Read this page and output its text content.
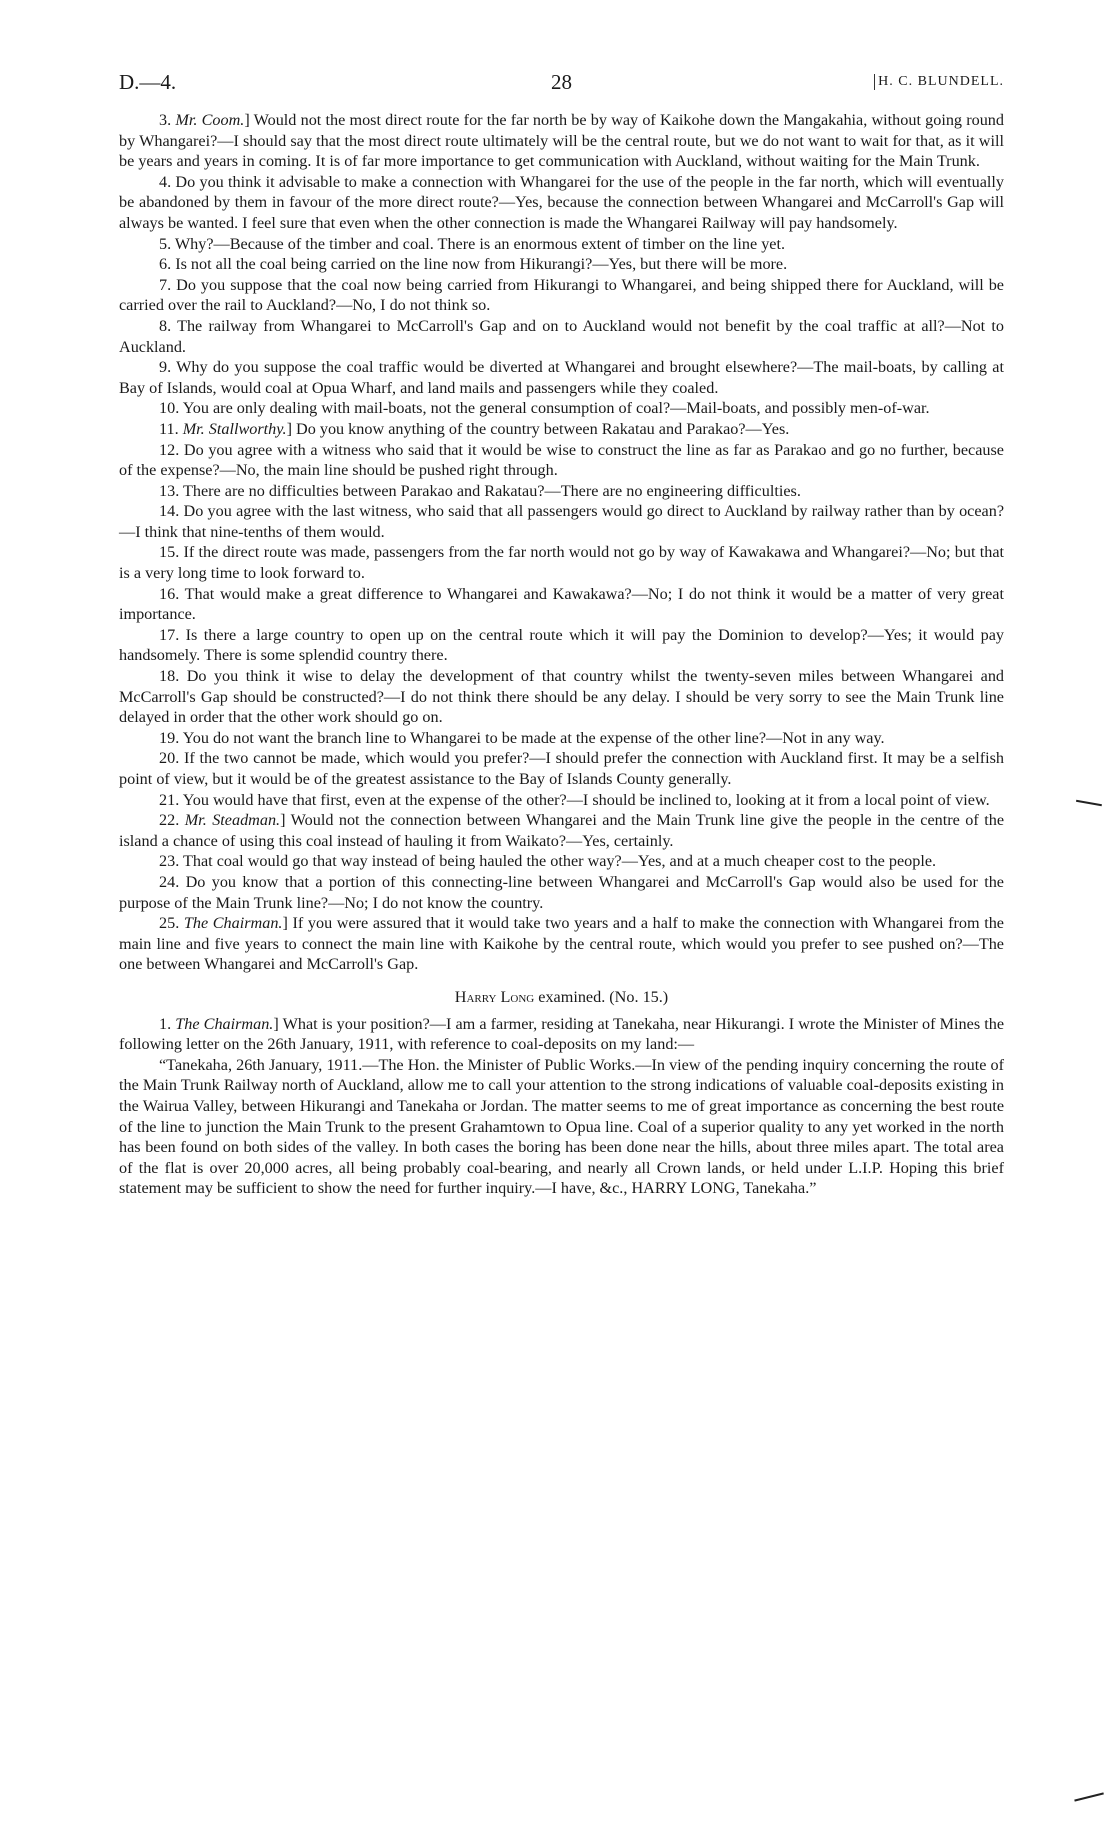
D.—4.	28	H. C. BLUNDELL.

3. Mr. Coom.] Would not the most direct route for the far north be by way of Kaikohe down the Mangakahia, without going round by Whangarei?—I should say that the most direct route ultimately will be the central route, but we do not want to wait for that, as it will be years and years in coming. It is of far more importance to get communication with Auckland, without waiting for the Main Trunk.

4. Do you think it advisable to make a connection with Whangarei for the use of the people in the far north, which will eventually be abandoned by them in favour of the more direct route?—Yes, because the connection between Whangarei and McCarroll's Gap will always be wanted. I feel sure that even when the other connection is made the Whangarei Railway will pay handsomely.

5. Why?—Because of the timber and coal. There is an enormous extent of timber on the line yet.

6. Is not all the coal being carried on the line now from Hikurangi?—Yes, but there will be more.

7. Do you suppose that the coal now being carried from Hikurangi to Whangarei, and being shipped there for Auckland, will be carried over the rail to Auckland?—No, I do not think so.

8. The railway from Whangarei to McCarroll's Gap and on to Auckland would not benefit by the coal traffic at all?—Not to Auckland.

9. Why do you suppose the coal traffic would be diverted at Whangarei and brought elsewhere?—The mail-boats, by calling at Bay of Islands, would coal at Opua Wharf, and land mails and passengers while they coaled.

10. You are only dealing with mail-boats, not the general consumption of coal?—Mail-boats, and possibly men-of-war.

11. Mr. Stallworthy.] Do you know anything of the country between Rakatau and Parakao?—Yes.

12. Do you agree with a witness who said that it would be wise to construct the line as far as Parakao and go no further, because of the expense?—No, the main line should be pushed right through.

13. There are no difficulties between Parakao and Rakatau?—There are no engineering difficulties.

14. Do you agree with the last witness, who said that all passengers would go direct to Auckland by railway rather than by ocean?—I think that nine-tenths of them would.

15. If the direct route was made, passengers from the far north would not go by way of Kawakawa and Whangarei?—No; but that is a very long time to look forward to.

16. That would make a great difference to Whangarei and Kawakawa?—No; I do not think it would be a matter of very great importance.

17. Is there a large country to open up on the central route which it will pay the Dominion to develop?—Yes; it would pay handsomely. There is some splendid country there.

18. Do you think it wise to delay the development of that country whilst the twenty-seven miles between Whangarei and McCarroll's Gap should be constructed?—I do not think there should be any delay. I should be very sorry to see the Main Trunk line delayed in order that the other work should go on.

19. You do not want the branch line to Whangarei to be made at the expense of the other line?—Not in any way.

20. If the two cannot be made, which would you prefer?—I should prefer the connection with Auckland first. It may be a selfish point of view, but it would be of the greatest assistance to the Bay of Islands County generally.

21. You would have that first, even at the expense of the other?—I should be inclined to, looking at it from a local point of view.

22. Mr. Steadman.] Would not the connection between Whangarei and the Main Trunk line give the people in the centre of the island a chance of using this coal instead of hauling it from Waikato?—Yes, certainly.

23. That coal would go that way instead of being hauled the other way?—Yes, and at a much cheaper cost to the people.

24. Do you know that a portion of this connecting-line between Whangarei and McCarroll's Gap would also be used for the purpose of the Main Trunk line?—No; I do not know the country.

25. The Chairman.] If you were assured that it would take two years and a half to make the connection with Whangarei from the main line and five years to connect the main line with Kaikohe by the central route, which would you prefer to see pushed on?—The one between Whangarei and McCarroll's Gap.

Harry Long examined. (No. 15.)

1. The Chairman.] What is your position?—I am a farmer, residing at Tanekaha, near Hikurangi. I wrote the Minister of Mines the following letter on the 26th January, 1911, with reference to coal-deposits on my land:—

“Tanekaha, 26th January, 1911.—The Hon. the Minister of Public Works.—In view of the pending inquiry concerning the route of the Main Trunk Railway north of Auckland, allow me to call your attention to the strong indications of valuable coal-deposits existing in the Wairua Valley, between Hikurangi and Tanekaha or Jordan. The matter seems to me of great importance as concerning the best route of the line to junction the Main Trunk to the present Grahamtown to Opua line. Coal of a superior quality to any yet worked in the north has been found on both sides of the valley. In both cases the boring has been done near the hills, about three miles apart. The total area of the flat is over 20,000 acres, all being probably coal-bearing, and nearly all Crown lands, or held under L.I.P. Hoping this brief statement may be sufficient to show the need for further inquiry.—I have, &c., HARRY LONG, Tanekaha.”
